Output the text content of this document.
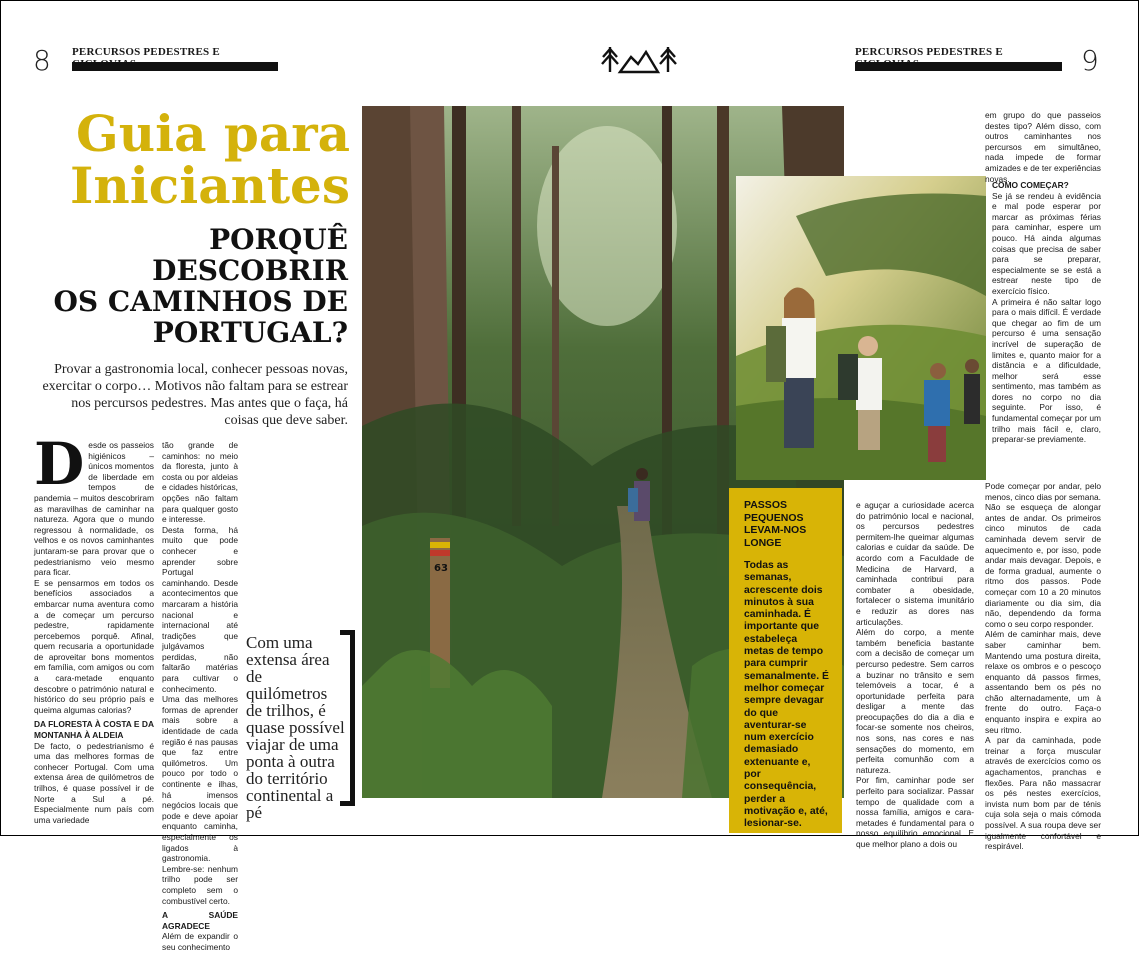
8	9
PERCURSOS PEDESTRES E	PERCURSOS PEDESTRES E
Guia para
Iniciantes
PORQUÊ
DESCOBRIR
OS CAMINHOS DE
PORTUGAL?
Provar a gastronomia local, conhecer pessoas novas, exercitar o corpo… Motivos não faltam para se estrear nos percursos pedestres. Mas antes que o faça, há coisas que deve saber.
D esde os passeios higiénicos – únicos momentos de liberdade em tempos de pandemia – muitos descobriram as maravilhas de caminhar na natureza. Agora que o mundo regressou à normalidade, os velhos e os novos caminhantes juntaram-se para provar que o pedestrianismo veio mesmo para ficar.

E se pensarmos em todos os benefícios associados a embarcar numa aventura como a de começar um percurso pedestre, rapidamente percebemos porquê. Afinal, quem recusaria a oportunidade de aproveitar bons momentos em família, com amigos ou com a cara-metade enquanto descobre o património natural e histórico do seu próprio país e queima algumas calorias?

DA FLORESTA À COSTA E DA MONTANHA À ALDEIA

De facto, o pedestrianismo é uma das melhores formas de conhecer Portugal. Com uma extensa área de quilómetros de trilhos, é quase possível ir de Norte a Sul a pé. Especialmente num país com uma variedade

tão grande de caminhos: no meio da floresta, junto à costa ou por aldeias e cidades históricas, opções não faltam para qualquer gosto e interesse.

Desta forma, há muito que pode conhecer e aprender sobre Portugal caminhando. Desde acontecimentos que marcaram a história nacional e internacional até tradições que julgávamos perdidas, não faltarão matérias para cultivar o conhecimento.

Uma das melhores formas de aprender mais sobre a identidade de cada região é nas pausas que faz entre quilómetros. Um pouco por todo o continente e ilhas, há imensos negócios locais que pode e deve apoiar enquanto caminha, especialmente os ligados à gastronomia. Lembre-se: nenhum trilho pode ser completo sem o combustível certo.

A SAÚDE AGRADECE

Além de expandir o seu conhecimento

Com uma extensa área de quilómetros de trilhos, é quase possível viajar de uma ponta à outra do território continental a pé
63
PASSOS PEQUENOS LEVAM-NOS LONGE
Todas as semanas, acrescente dois minutos à sua caminhada. É importante que estabeleça metas de tempo para cumprir semanalmente. É melhor começar sempre devagar do que aventurar-se num exercício demasiado extenuante e, por consequência, perder a motivação e, até, lesionar-se.

e aguçar a curiosidade acerca do património local e nacional, os percursos pedestres permitem-lhe queimar algumas calorias e cuidar da saúde. De acordo com a Faculdade de Medicina de Harvard, a caminhada contribui para combater a obesidade, fortalecer o sistema imunitário e reduzir as dores nas articulações.

Além do corpo, a mente também beneficia bastante com a decisão de começar um percurso pedestre. Sem carros a buzinar no trânsito e sem telemóveis a tocar, é a oportunidade perfeita para desligar a mente das preocupações do dia a dia e focar-se somente nos cheiros, nos sons, nas cores e nas sensações do momento, em perfeita comunhão com a natureza.

Por fim, caminhar pode ser perfeito para socializar. Passar tempo de qualidade com a nossa família, amigos e cara-metades é fundamental para o nosso equilíbrio emocional. E que melhor plano a dois ou

em grupo do que passeios destes tipo? Além disso, com outros caminhantes nos percursos em simultâneo, nada impede de formar amizades e de ter experiências novas.

COMO COMEÇAR?

Se já se rendeu à evidência e mal pode esperar por marcar as próximas férias para caminhar, espere um pouco. Há ainda algumas coisas que precisa de saber para se preparar, especialmente se se está a estrear neste tipo de exercício físico.

A primeira é não saltar logo para o mais difícil. É verdade que chegar ao fim de um percurso é uma sensação incrível de superação de limites e, quanto maior for a distância e a dificuldade, melhor será esse sentimento, mas também as dores no corpo no dia seguinte. Por isso, é fundamental começar por um trilho mais fácil e, claro, preparar-se previamente.

Pode começar por andar, pelo menos, cinco dias por semana. Não se esqueça de alongar antes de andar. Os primeiros cinco minutos de cada caminhada devem servir de aquecimento e, por isso, pode andar mais devagar. Depois, e de forma gradual, aumente o ritmo dos passos. Pode começar com 10 a 20 minutos diariamente ou dia sim, dia não, dependendo da forma como o seu corpo responder.

Além de caminhar mais, deve saber caminhar bem. Mantendo uma postura direita, relaxe os ombros e o pescoço enquanto dá passos firmes, assentando bem os pés no chão alternadamente, um à frente do outro. Faça-o enquanto inspira e expira ao seu ritmo.

A par da caminhada, pode treinar a força muscular através de exercícios como os agachamentos, pranchas e flexões. Para não massacrar os pés nestes exercícios, invista num bom par de ténis cuja sola seja o mais cómoda possível. A sua roupa deve ser igualmente confortável e respirável.
